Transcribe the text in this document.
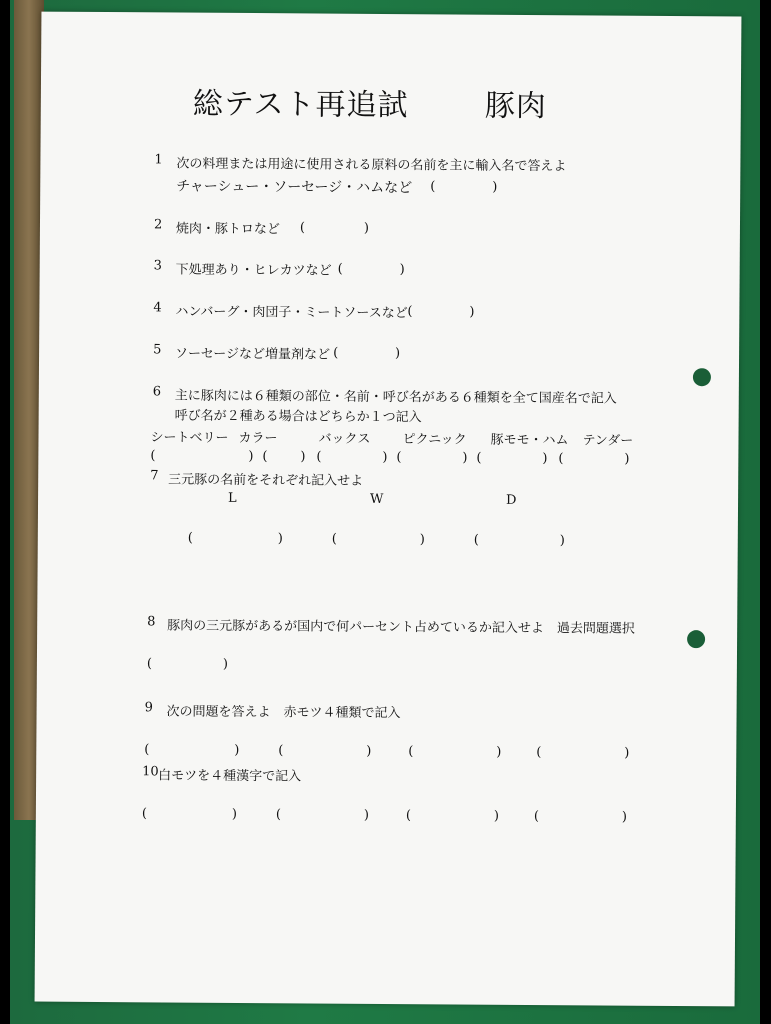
総テスト再追試	豚肉
1 次の料理または用途に使用される原料の名前を主に輸入名で答えよ
チャーシュー・ソーセージ・ハムなど (	)
2 焼肉・豚トロなど (	)
3 下処理あり・ヒレカツなど (	)
4 ハンバーグ・肉団子・ミートソースなど (	)
5 ソーセージなど増量剤など (	)
6 主に豚肉には６種類の部位・名前・呼び名がある６種類を全て国産名で記入
呼び名が２種ある場合はどちらか１つ記入
シートベリー カラー	バックス ピクニック 豚モモ・ハム テンダー
(	) (	) (	) (	) (	) (	)
7 三元豚の名前をそれぞれ記入せよ
L	W	D
(	)	(	)	(	)
8 豚肉の三元豚があるが国内で何パーセント占めているか記入せよ　過去問題選択
(	)
9 次の問題を答えよ　赤モツ４種類で記入
(	)	(	)	(	)	(	)
10 白モツを４種漢字で記入
(	)	(	)	(	)	(	)
